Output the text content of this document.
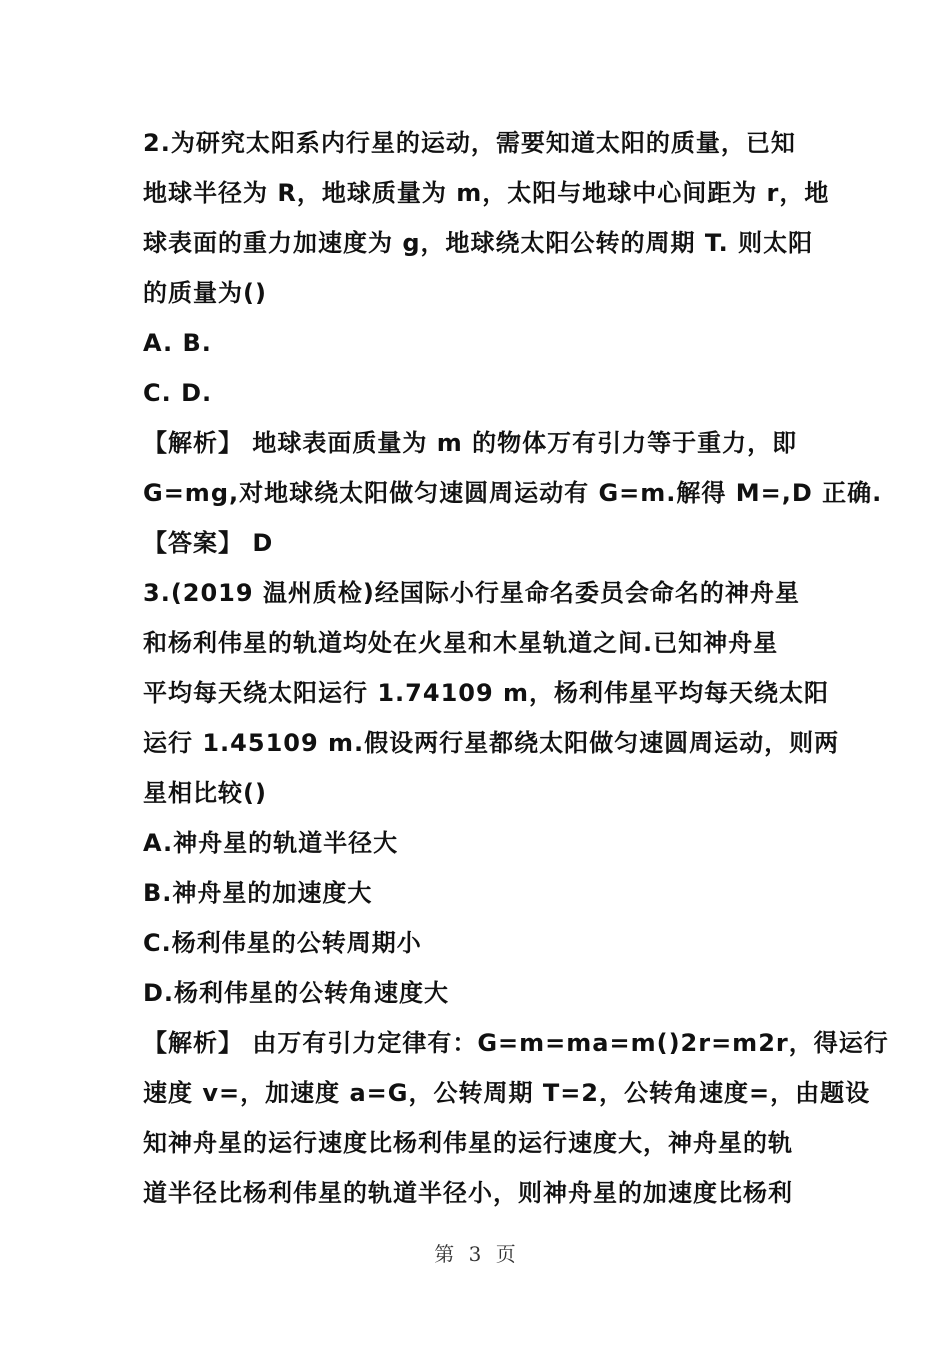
2.为研究太阳系内行星的运动，需要知道太阳的质量，已知
地球半径为 R，地球质量为 m，太阳与地球中心间距为 r，地
球表面的重力加速度为 g，地球绕太阳公转的周期 T. 则太阳
的质量为()
A. B.
C. D.
【解析】 地球表面质量为 m 的物体万有引力等于重力，即
G=mg,对地球绕太阳做匀速圆周运动有 G=m.解得 M=,D 正确.
【答案】 D
3.(2019 温州质检)经国际小行星命名委员会命名的神舟星
和杨利伟星的轨道均处在火星和木星轨道之间.已知神舟星
平均每天绕太阳运行 1.74109 m，杨利伟星平均每天绕太阳
运行 1.45109 m.假设两行星都绕太阳做匀速圆周运动，则两
星相比较()
A.神舟星的轨道半径大
B.神舟星的加速度大
C.杨利伟星的公转周期小
D.杨利伟星的公转角速度大
【解析】 由万有引力定律有：G=m=ma=m()2r=m2r，得运行
速度 v=，加速度 a=G，公转周期 T=2，公转角速度=，由题设
知神舟星的运行速度比杨利伟星的运行速度大，神舟星的轨
道半径比杨利伟星的轨道半径小，则神舟星的加速度比杨利
第 3 页
